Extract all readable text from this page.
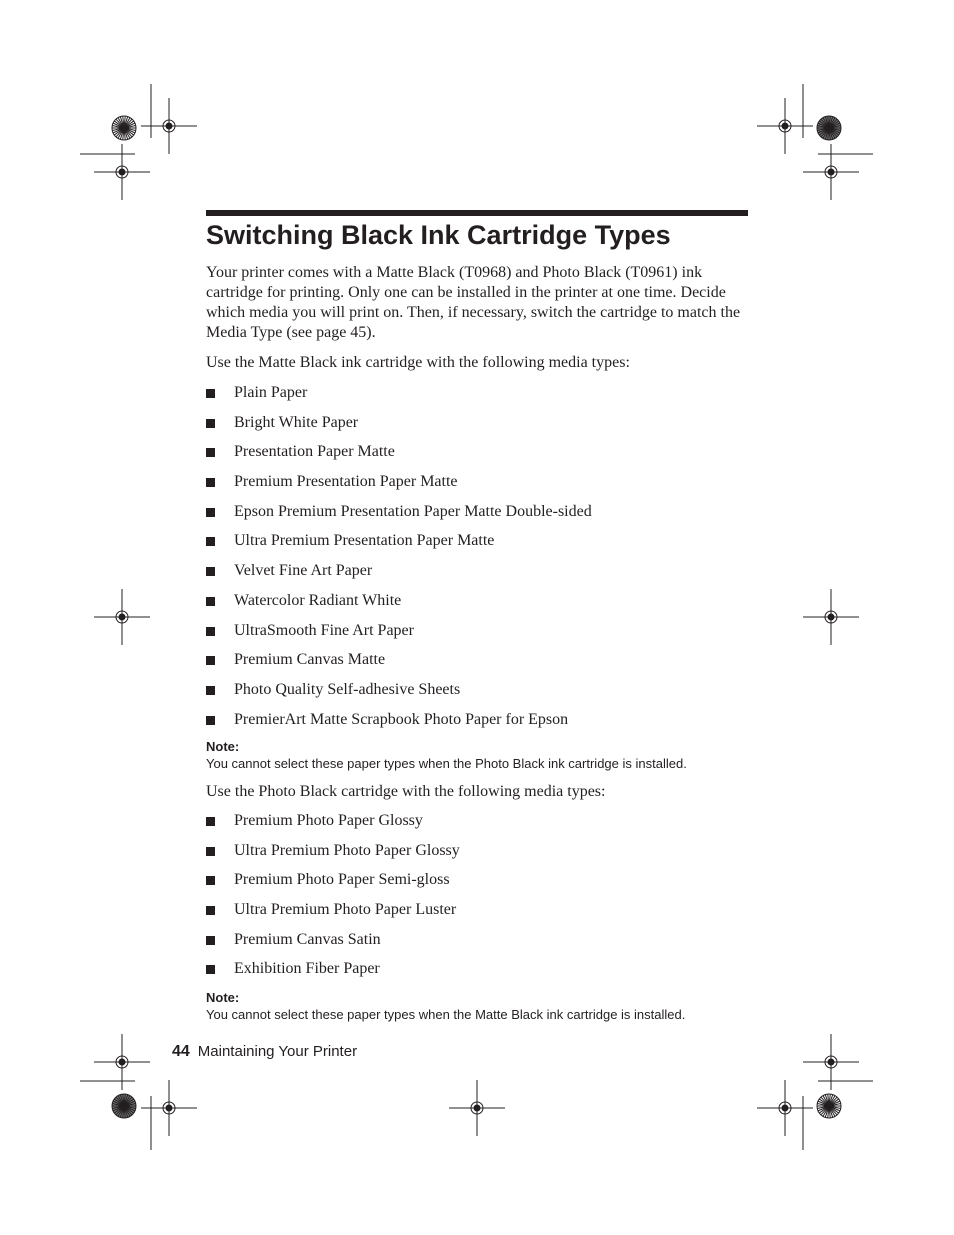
Switching Black Ink Cartridge Types

Your printer comes with a Matte Black (T0968) and Photo Black (T0961) ink cartridge for printing. Only one can be installed in the printer at one time. Decide which media you will print on. Then, if necessary, switch the cartridge to match the Media Type (see page 45).

Use the Matte Black ink cartridge with the following media types:

Plain Paper
Bright White Paper
Presentation Paper Matte
Premium Presentation Paper Matte
Epson Premium Presentation Paper Matte Double-sided
Ultra Premium Presentation Paper Matte
Velvet Fine Art Paper
Watercolor Radiant White
UltraSmooth Fine Art Paper
Premium Canvas Matte
Photo Quality Self-adhesive Sheets
PremierArt Matte Scrapbook Photo Paper for Epson
Note:
You cannot select these paper types when the Photo Black ink cartridge is installed.

Use the Photo Black cartridge with the following media types:

Premium Photo Paper Glossy
Ultra Premium Photo Paper Glossy
Premium Photo Paper Semi-gloss
Ultra Premium Photo Paper Luster
Premium Canvas Satin
Exhibition Fiber Paper
Note:
You cannot select these paper types when the Matte Black ink cartridge is installed.

44 Maintaining Your Printer
